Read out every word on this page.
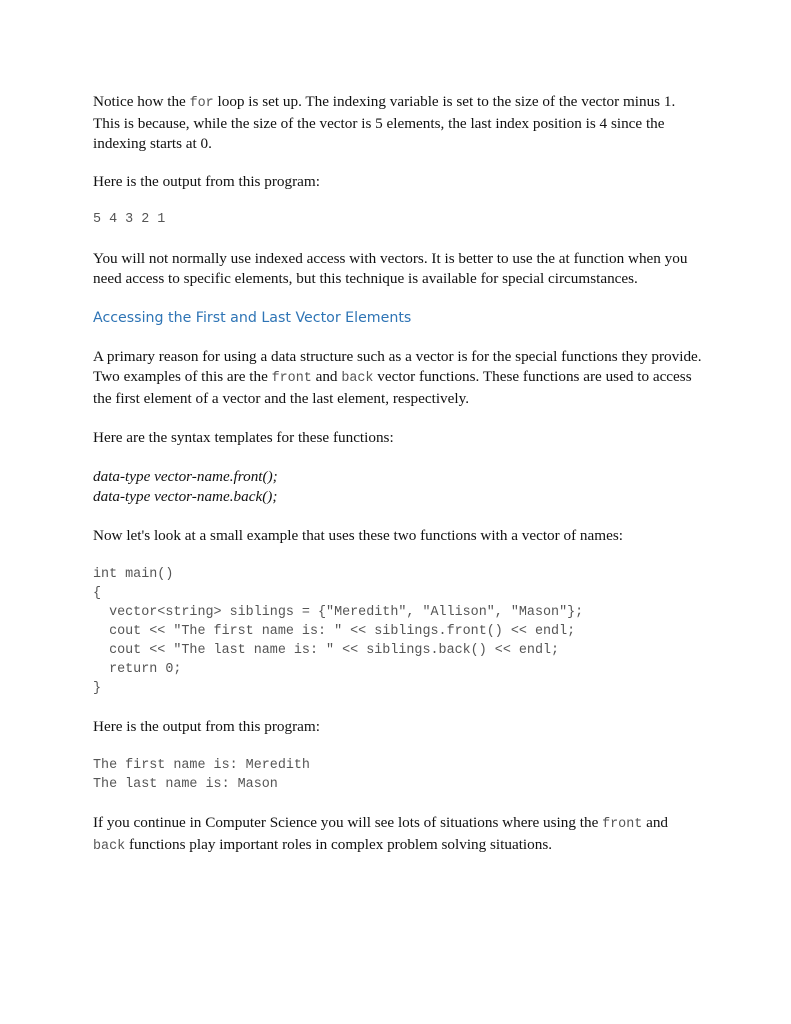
Notice how the for loop is set up. The indexing variable is set to the size of the vector minus 1. This is because, while the size of the vector is 5 elements, the last index position is 4 since the indexing starts at 0.

Here is the output from this program:

5 4 3 2 1

You will not normally use indexed access with vectors. It is better to use the at function when you need access to specific elements, but this technique is available for special circumstances.

Accessing the First and Last Vector Elements

A primary reason for using a data structure such as a vector is for the special functions they provide. Two examples of this are the front and back vector functions. These functions are used to access the first element of a vector and the last element, respectively.

Here are the syntax templates for these functions:

data-type vector-name.front();
data-type vector-name.back();

Now let's look at a small example that uses these two functions with a vector of names:

int main()
{
vector<string> siblings = {"Meredith", "Allison", "Mason"};
cout << "The first name is: " << siblings.front() << endl;
cout << "The last name is: " << siblings.back() << endl;
return 0;
}

Here is the output from this program:

The first name is: Meredith
The last name is: Mason

If you continue in Computer Science you will see lots of situations where using the front and
back functions play important roles in complex problem solving situations.
